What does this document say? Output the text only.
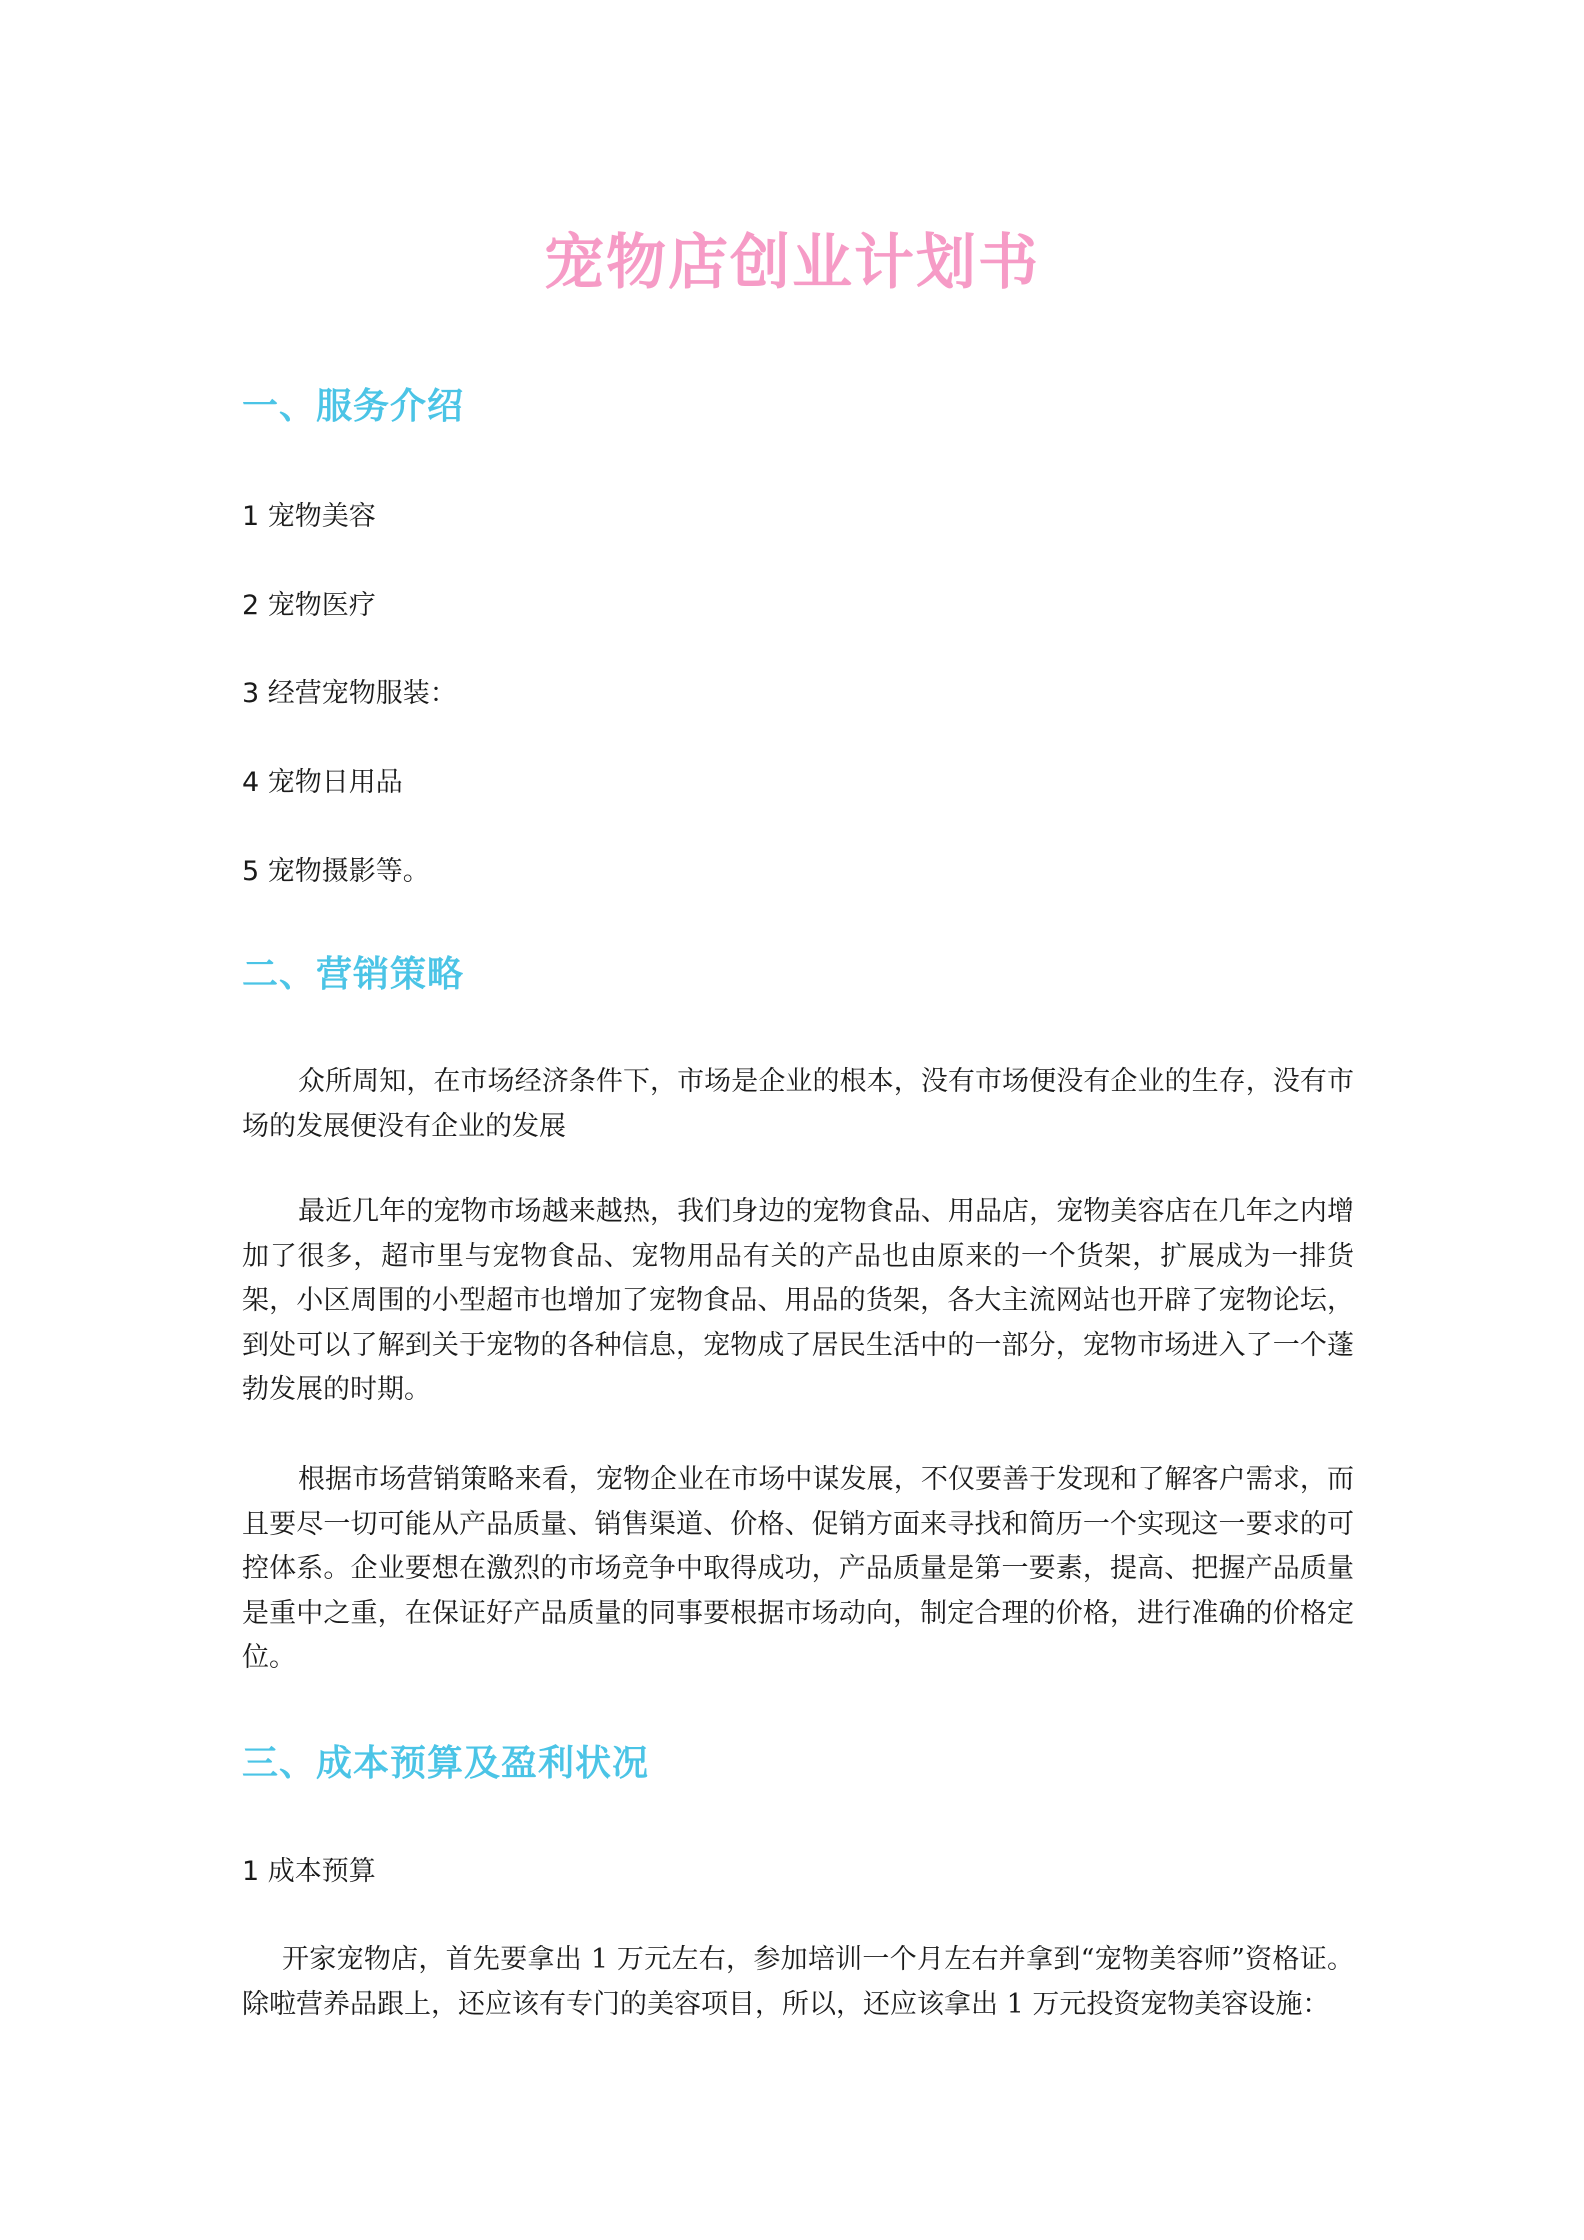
宠物店创业计划书
一、服务介绍

1 宠物美容

2 宠物医疗

3 经营宠物服装：

4 宠物日用品

5 宠物摄影等。

二、营销策略

众所周知，在市场经济条件下，市场是企业的根本，没有市场便没有企业的生存，没有市场的发展便没有企业的发展

最近几年的宠物市场越来越热，我们身边的宠物食品、用品店，宠物美容店在几年之内增加了很多，超市里与宠物食品、宠物用品有关的产品也由原来的一个货架，扩展成为一排货架，小区周围的小型超市也增加了宠物食品、用品的货架，各大主流网站也开辟了宠物论坛，到处可以了解到关于宠物的各种信息，宠物成了居民生活中的一部分，宠物市场进入了一个蓬勃发展的时期。

根据市场营销策略来看，宠物企业在市场中谋发展，不仅要善于发现和了解客户需求，而且要尽一切可能从产品质量、销售渠道、价格、促销方面来寻找和简历一个实现这一要求的可控体系。企业要想在激烈的市场竞争中取得成功，产品质量是第一要素，提高、把握产品质量是重中之重，在保证好产品质量的同事要根据市场动向，制定合理的价格，进行准确的价格定位。

三、成本预算及盈利状况

1 成本预算

开家宠物店，首先要拿出 1 万元左右，参加培训一个月左右并拿到“宠物美容师”资格证。除啦营养品跟上，还应该有专门的美容项目，所以，还应该拿出 1 万元投资宠物美容设施：
